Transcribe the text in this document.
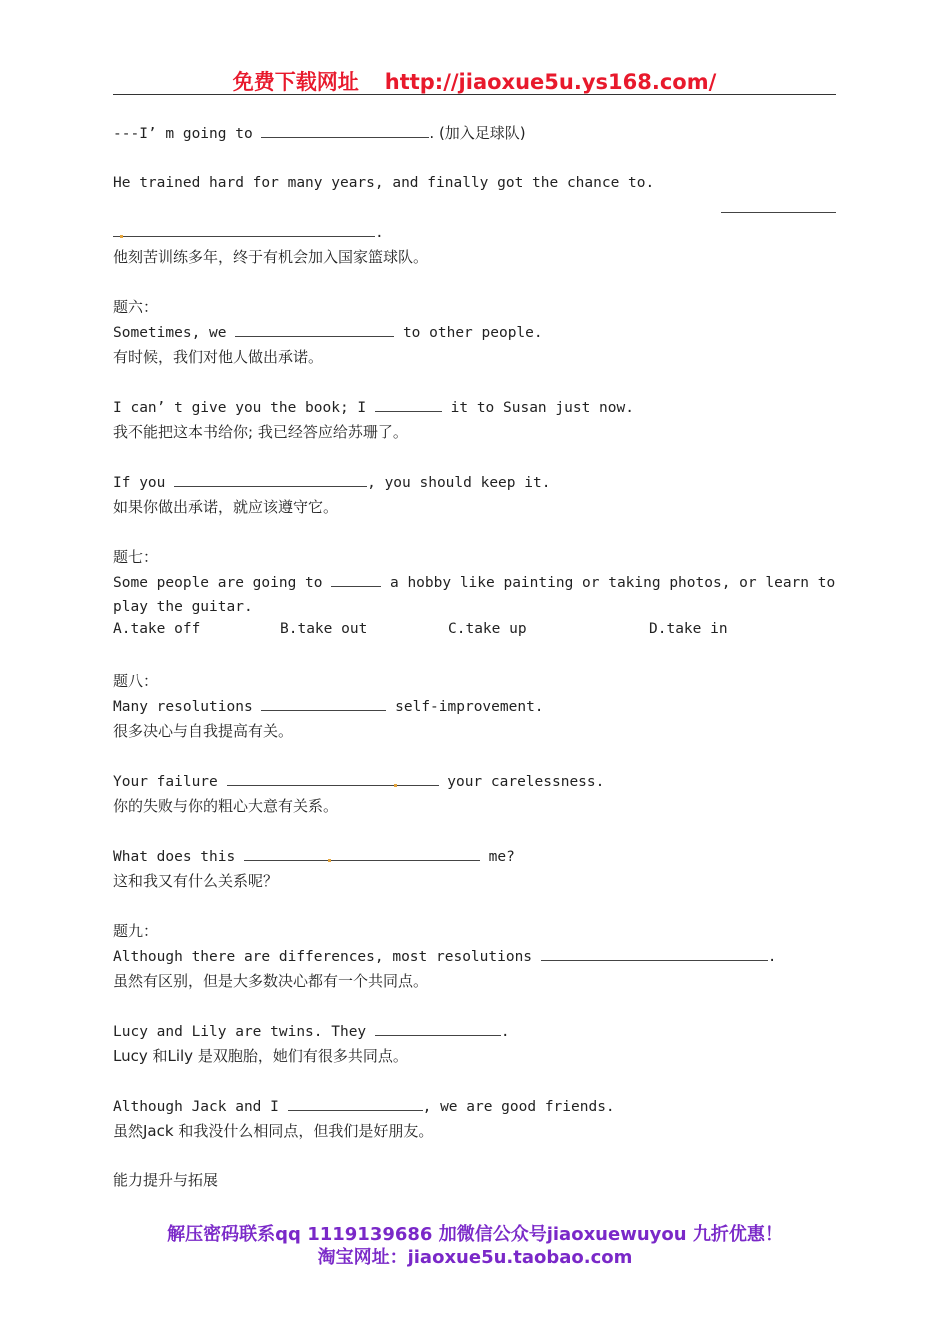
免费下载网址 http://jiaoxue5u.ys168.com/
---I’ m going to	. (加入足球队)
He trained hard for many years, and finally got the chance to.
.
他刻苦训练多年，终于有机会加入国家篮球队。
题六：
Sometimes, we	to other people.
有时候，我们对他人做出承诺。
I can’ t give you the book; I	it to Susan just now.
我不能把这本书给你; 我已经答应给苏珊了。
If you	, you should keep it.
如果你做出承诺，就应该遵守它。
题七：
Some people are going to	a hobby like painting or taking photos, or learn to
play the guitar.
A.take off	B.take out	C.take up	D.take in
题八：
Many resolutions	self-improvement.
很多决心与自我提高有关。
Your failure	your carelessness.
你的失败与你的粗心大意有关系。
What does this	me?
这和我又有什么关系呢？
题九：
Although there are differences, most resolutions	.
虽然有区别，但是大多数决心都有一个共同点。
Lucy and Lily are twins. They	.
Lucy 和Lily 是双胞胎，她们有很多共同点。
Although Jack and I	, we are good friends.
虽然Jack 和我没什么相同点，但我们是好朋友。
能力提升与拓展
解压密码联系qq 1119139686 加微信公众号jiaoxuewuyou 九折优惠！
淘宝网址：jiaoxue5u.taobao.com
